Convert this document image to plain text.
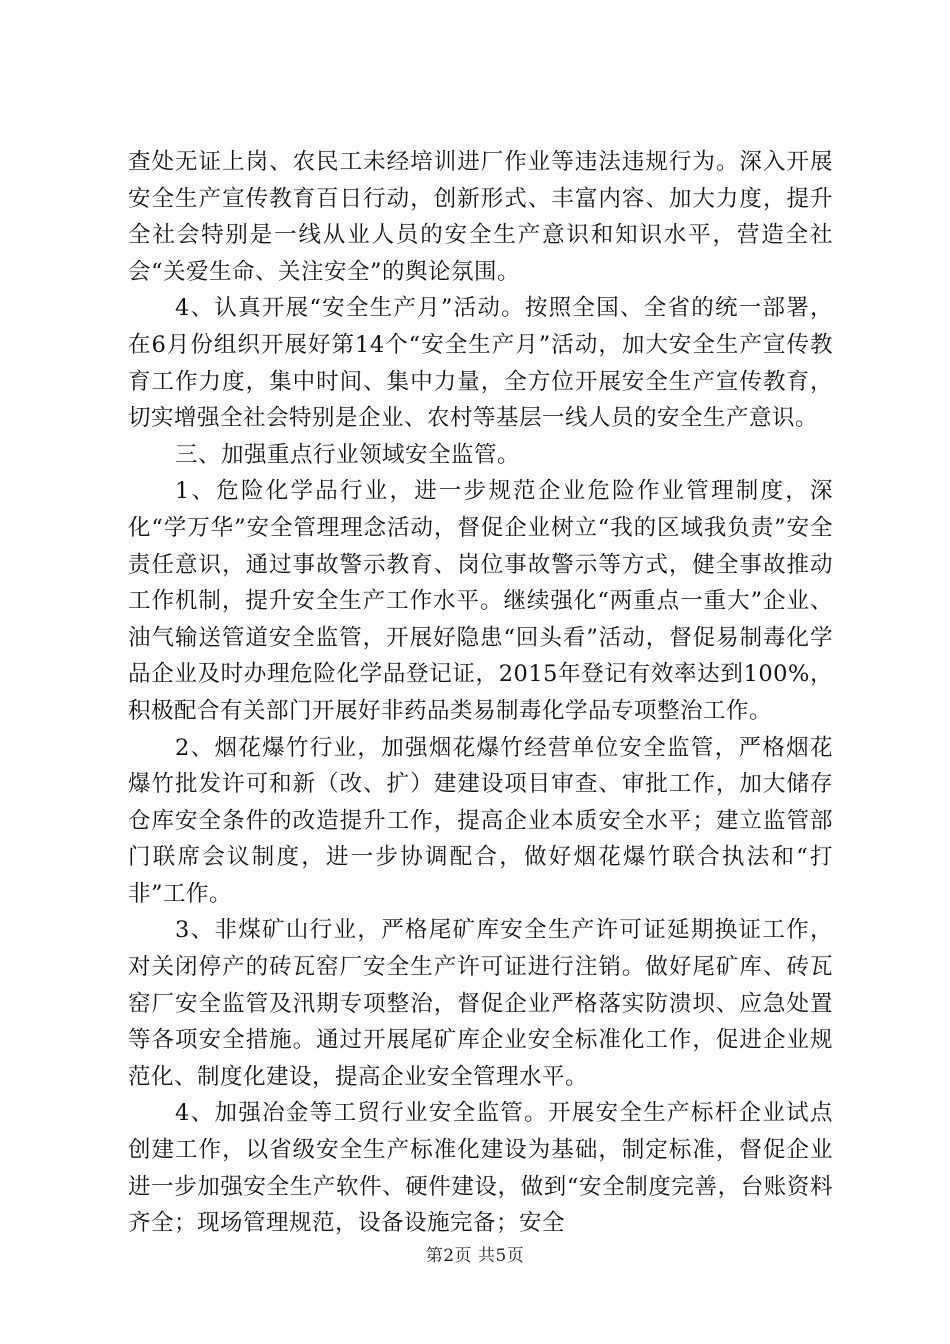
查处无证上岗、农民工未经培训进厂作业等违法违规行为。深入开展安全生产宣传教育百日行动，创新形式、丰富内容、加大力度，提升全社会特别是一线从业人员的安全生产意识和知识水平，营造全社会“关爱生命、关注安全”的舆论氛围。

4、认真开展“安全生产月”活动。按照全国、全省的统一部署，在6月份组织开展好第14个“安全生产月”活动，加大安全生产宣传教育工作力度，集中时间、集中力量，全方位开展安全生产宣传教育，切实增强全社会特别是企业、农村等基层一线人员的安全生产意识。

三、加强重点行业领域安全监管。

1、危险化学品行业，进一步规范企业危险作业管理制度，深化“学万华”安全管理理念活动，督促企业树立“我的区域我负责”安全责任意识，通过事故警示教育、岗位事故警示等方式，健全事故推动工作机制，提升安全生产工作水平。继续强化“两重点一重大”企业、油气输送管道安全监管，开展好隐患“回头看”活动，督促易制毒化学品企业及时办理危险化学品登记证，2015年登记有效率达到100%，积极配合有关部门开展好非药品类易制毒化学品专项整治工作。

2、烟花爆竹行业，加强烟花爆竹经营单位安全监管，严格烟花爆竹批发许可和新（改、扩）建建设项目审查、审批工作，加大储存仓库安全条件的改造提升工作，提高企业本质安全水平；建立监管部门联席会议制度，进一步协调配合，做好烟花爆竹联合执法和“打非”工作。

3、非煤矿山行业，严格尾矿库安全生产许可证延期换证工作，对关闭停产的砖瓦窑厂安全生产许可证进行注销。做好尾矿库、砖瓦窑厂安全监管及汛期专项整治，督促企业严格落实防溃坝、应急处置等各项安全措施。通过开展尾矿库企业安全标准化工作，促进企业规范化、制度化建设，提高企业安全管理水平。

4、加强冶金等工贸行业安全监管。开展安全生产标杆企业试点创建工作，以省级安全生产标准化建设为基础，制定标准，督促企业进一步加强安全生产软件、硬件建设，做到“安全制度完善，台账资料齐全；现场管理规范，设备设施完备；安全

第2页 共5页
